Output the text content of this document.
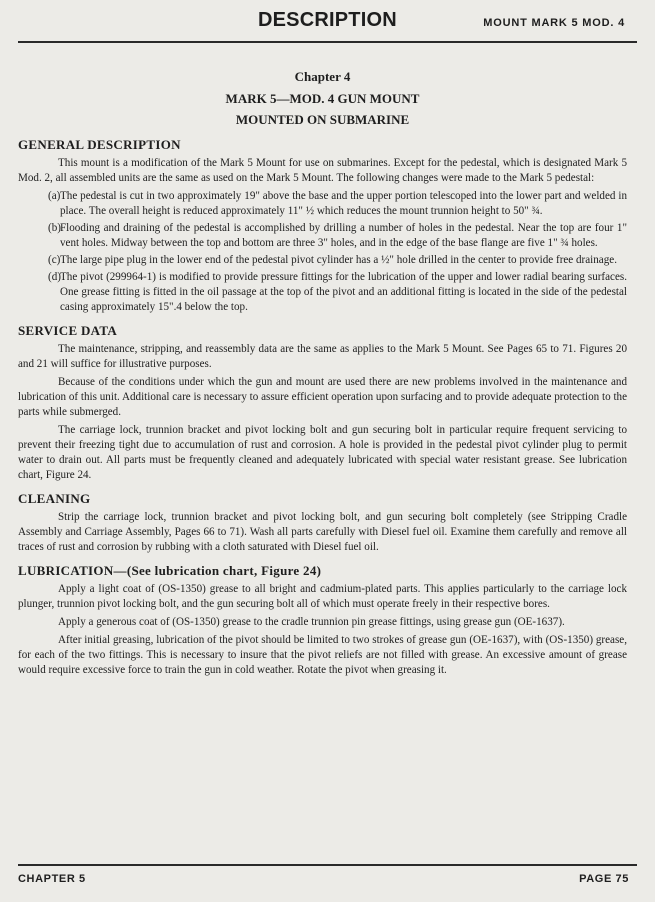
DESCRIPTION	MOUNT MARK 5 MOD. 4
Chapter 4
MARK 5—MOD. 4 GUN MOUNT
MOUNTED ON SUBMARINE
GENERAL DESCRIPTION

This mount is a modification of the Mark 5 Mount for use on submarines. Except for the pedestal, which is designated Mark 5 Mod. 2, all assembled units are the same as used on the Mark 5 Mount. The following changes were made to the Mark 5 pedestal:

(a) The pedestal is cut in two approximately 19" above the base and the upper portion telescoped into the lower part and welded in place. The overall height is reduced approximately 11" ½ which reduces the mount trunnion height to 50" ¾.
(b) Flooding and draining of the pedestal is accomplished by drilling a number of holes in the pedestal. Near the top are four 1" vent holes. Midway between the top and bottom are three 3" holes, and in the edge of the base flange are five 1" ¾ holes.
(c) The large pipe plug in the lower end of the pedestal pivot cylinder has a ½" hole drilled in the center to provide free drainage.
(d) The pivot (299964-1) is modified to provide pressure fittings for the lubrication of the upper and lower radial bearing surfaces. One grease fitting is fitted in the oil passage at the top of the pivot and an additional fitting is located in the side of the pedestal casing approximately 15".4 below the top.
SERVICE DATA

The maintenance, stripping, and reassembly data are the same as applies to the Mark 5 Mount. See Pages 65 to 71. Figures 20 and 21 will suffice for illustrative purposes.

Because of the conditions under which the gun and mount are used there are new problems involved in the maintenance and lubrication of this unit. Additional care is necessary to assure efficient operation upon surfacing and to provide adequate protection to the parts while submerged.

The carriage lock, trunnion bracket and pivot locking bolt and gun securing bolt in particular require frequent servicing to prevent their freezing tight due to accumulation of rust and corrosion. A hole is provided in the pedestal pivot cylinder plug to permit water to drain out. All parts must be frequently cleaned and adequately lubricated with special water resistant grease. See lubrication chart, Figure 24.

CLEANING

Strip the carriage lock, trunnion bracket and pivot locking bolt, and gun securing bolt completely (see Stripping Cradle Assembly and Carriage Assembly, Pages 66 to 71). Wash all parts carefully with Diesel fuel oil. Examine them carefully and remove all traces of rust and corrosion by rubbing with a cloth saturated with Diesel fuel oil.

LUBRICATION—(See lubrication chart, Figure 24)

Apply a light coat of (OS-1350) grease to all bright and cadmium-plated parts. This applies particularly to the carriage lock plunger, trunnion pivot locking bolt, and the gun securing bolt all of which must operate freely in their respective bores.

Apply a generous coat of (OS-1350) grease to the cradle trunnion pin grease fittings, using grease gun (OE-1637).

After initial greasing, lubrication of the pivot should be limited to two strokes of grease gun (OE-1637), with (OS-1350) grease, for each of the two fittings. This is necessary to insure that the pivot reliefs are not filled with grease. An excessive amount of grease would require excessive force to train the gun in cold weather. Rotate the pivot when greasing it.

CHAPTER 5	PAGE 75
